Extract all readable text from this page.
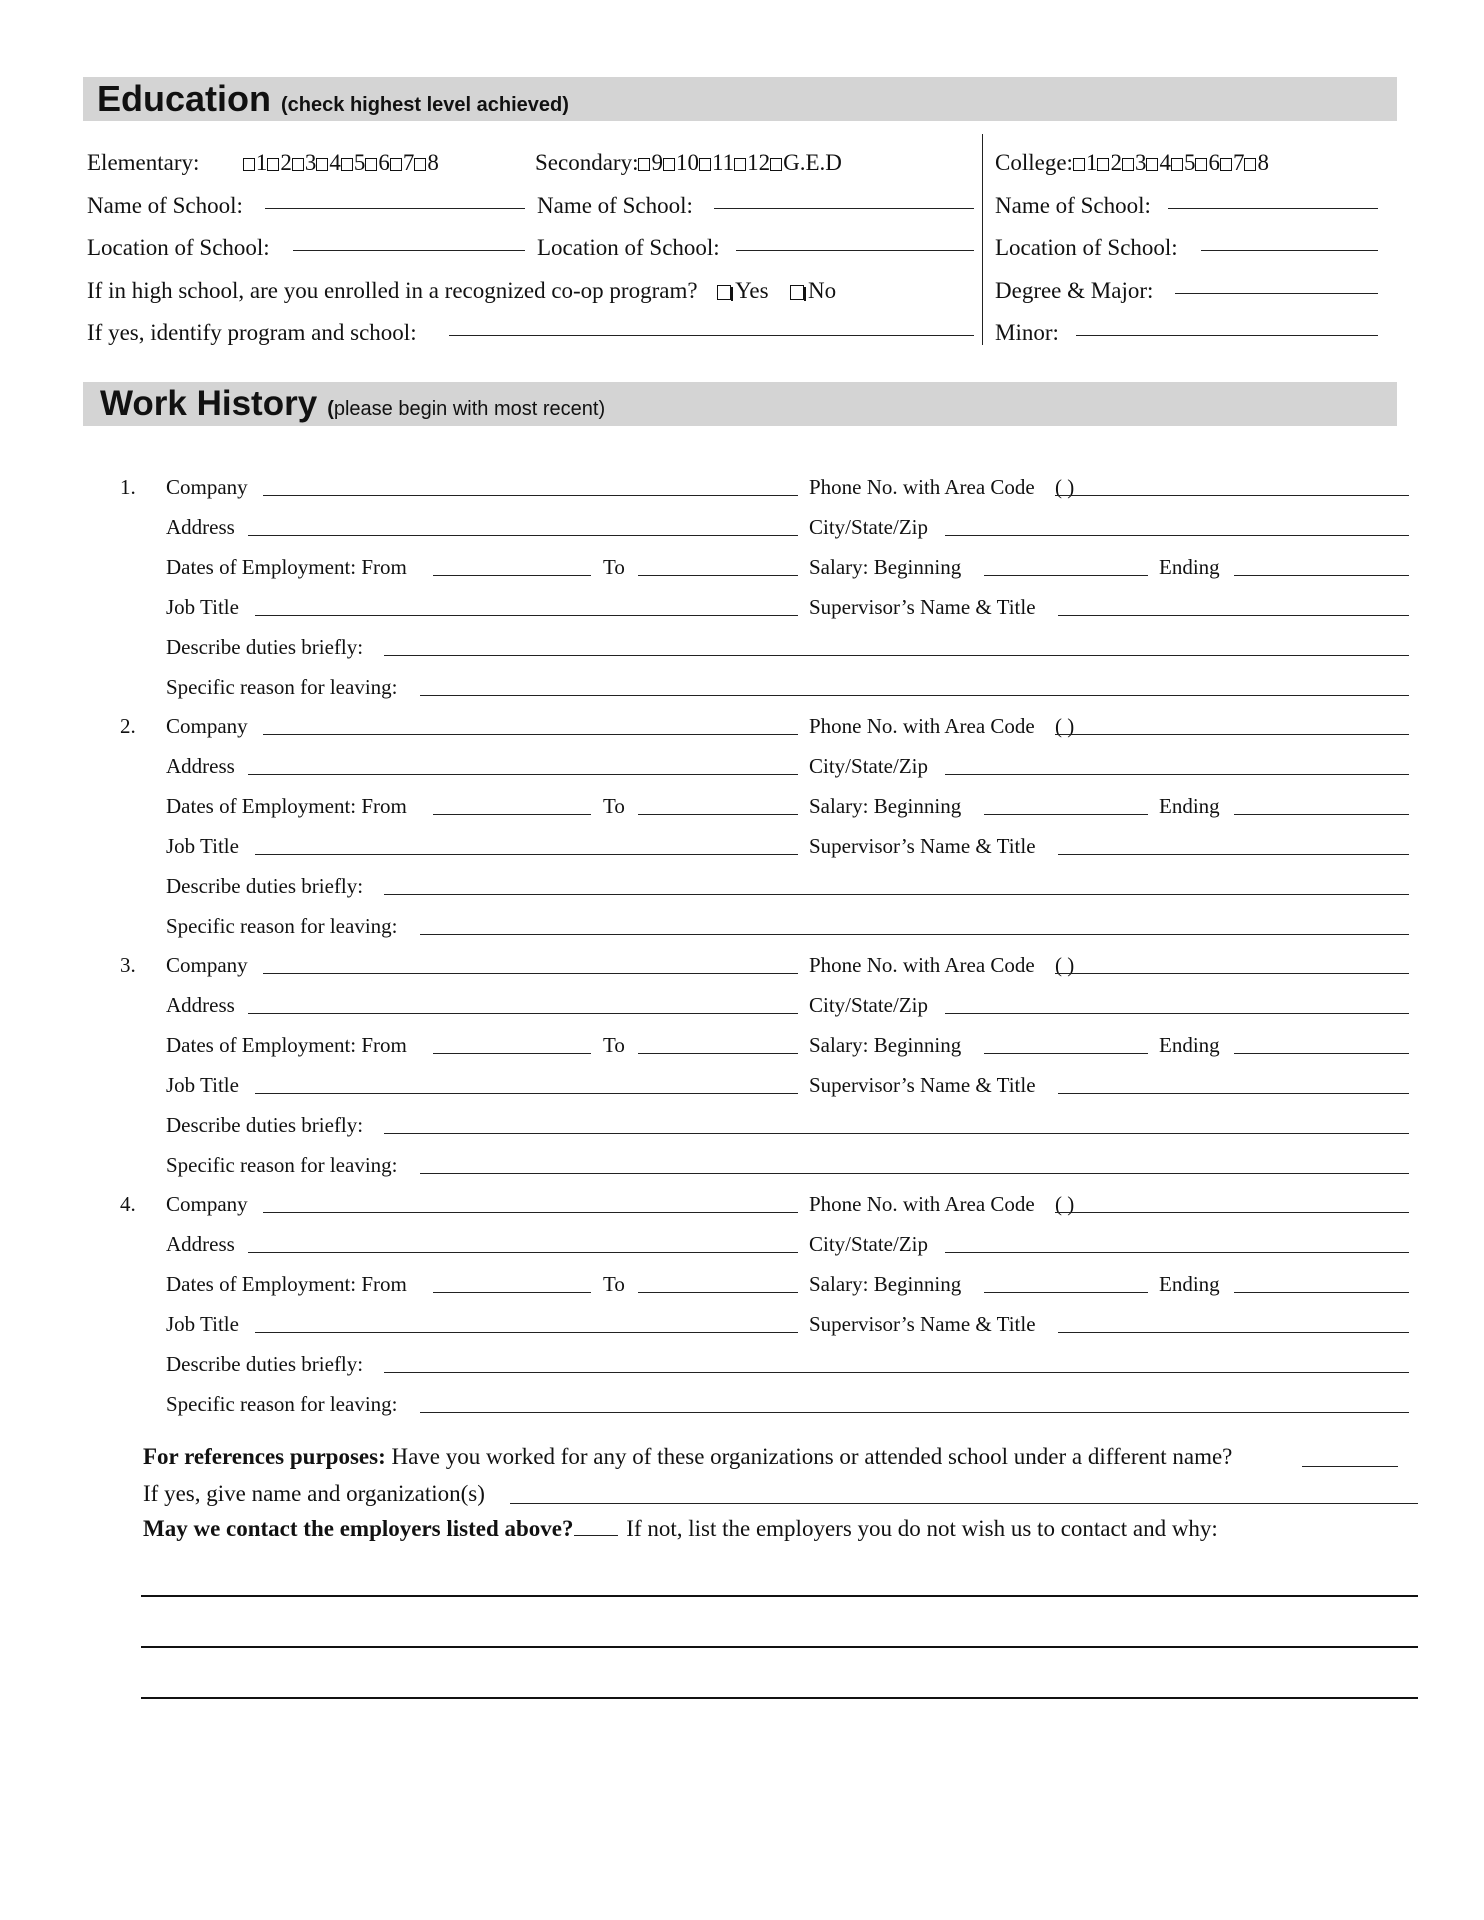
Education (check highest level achieved)
Elementary: 1 2 3 4 5 6 7 8	Secondary: 9 10 11 12 G.E.D	College: 1 2 3 4 5 6 7 8
Name of School:	Name of School:	Name of School:
Location of School:	Location of School:	Location of School:
If in high school, are you enrolled in a recognized co-op program? Yes No	Degree & Major:
If yes, identify program and school:	Minor:
Work History (please begin with most recent)
1. Company	Phone No. with Area Code ( )
Address	City/State/Zip
Dates of Employment: From	To	Salary: Beginning	Ending
Job Title	Supervisor’s Name & Title
Describe duties briefly:
Specific reason for leaving:
2. Company	Phone No. with Area Code ( )
Address	City/State/Zip
Dates of Employment: From	To	Salary: Beginning	Ending
Job Title	Supervisor’s Name & Title
Describe duties briefly:
Specific reason for leaving:
3. Company	Phone No. with Area Code ( )
Address	City/State/Zip
Dates of Employment: From	To	Salary: Beginning	Ending
Job Title	Supervisor’s Name & Title
Describe duties briefly:
Specific reason for leaving:
4. Company	Phone No. with Area Code ( )
Address	City/State/Zip
Dates of Employment: From	To	Salary: Beginning	Ending
Job Title	Supervisor’s Name & Title
Describe duties briefly:
Specific reason for leaving:
For references purposes: Have you worked for any of these organizations or attended school under a different name?
If yes, give name and organization(s)
May we contact the employers listed above? If not, list the employers you do not wish us to contact and why:
